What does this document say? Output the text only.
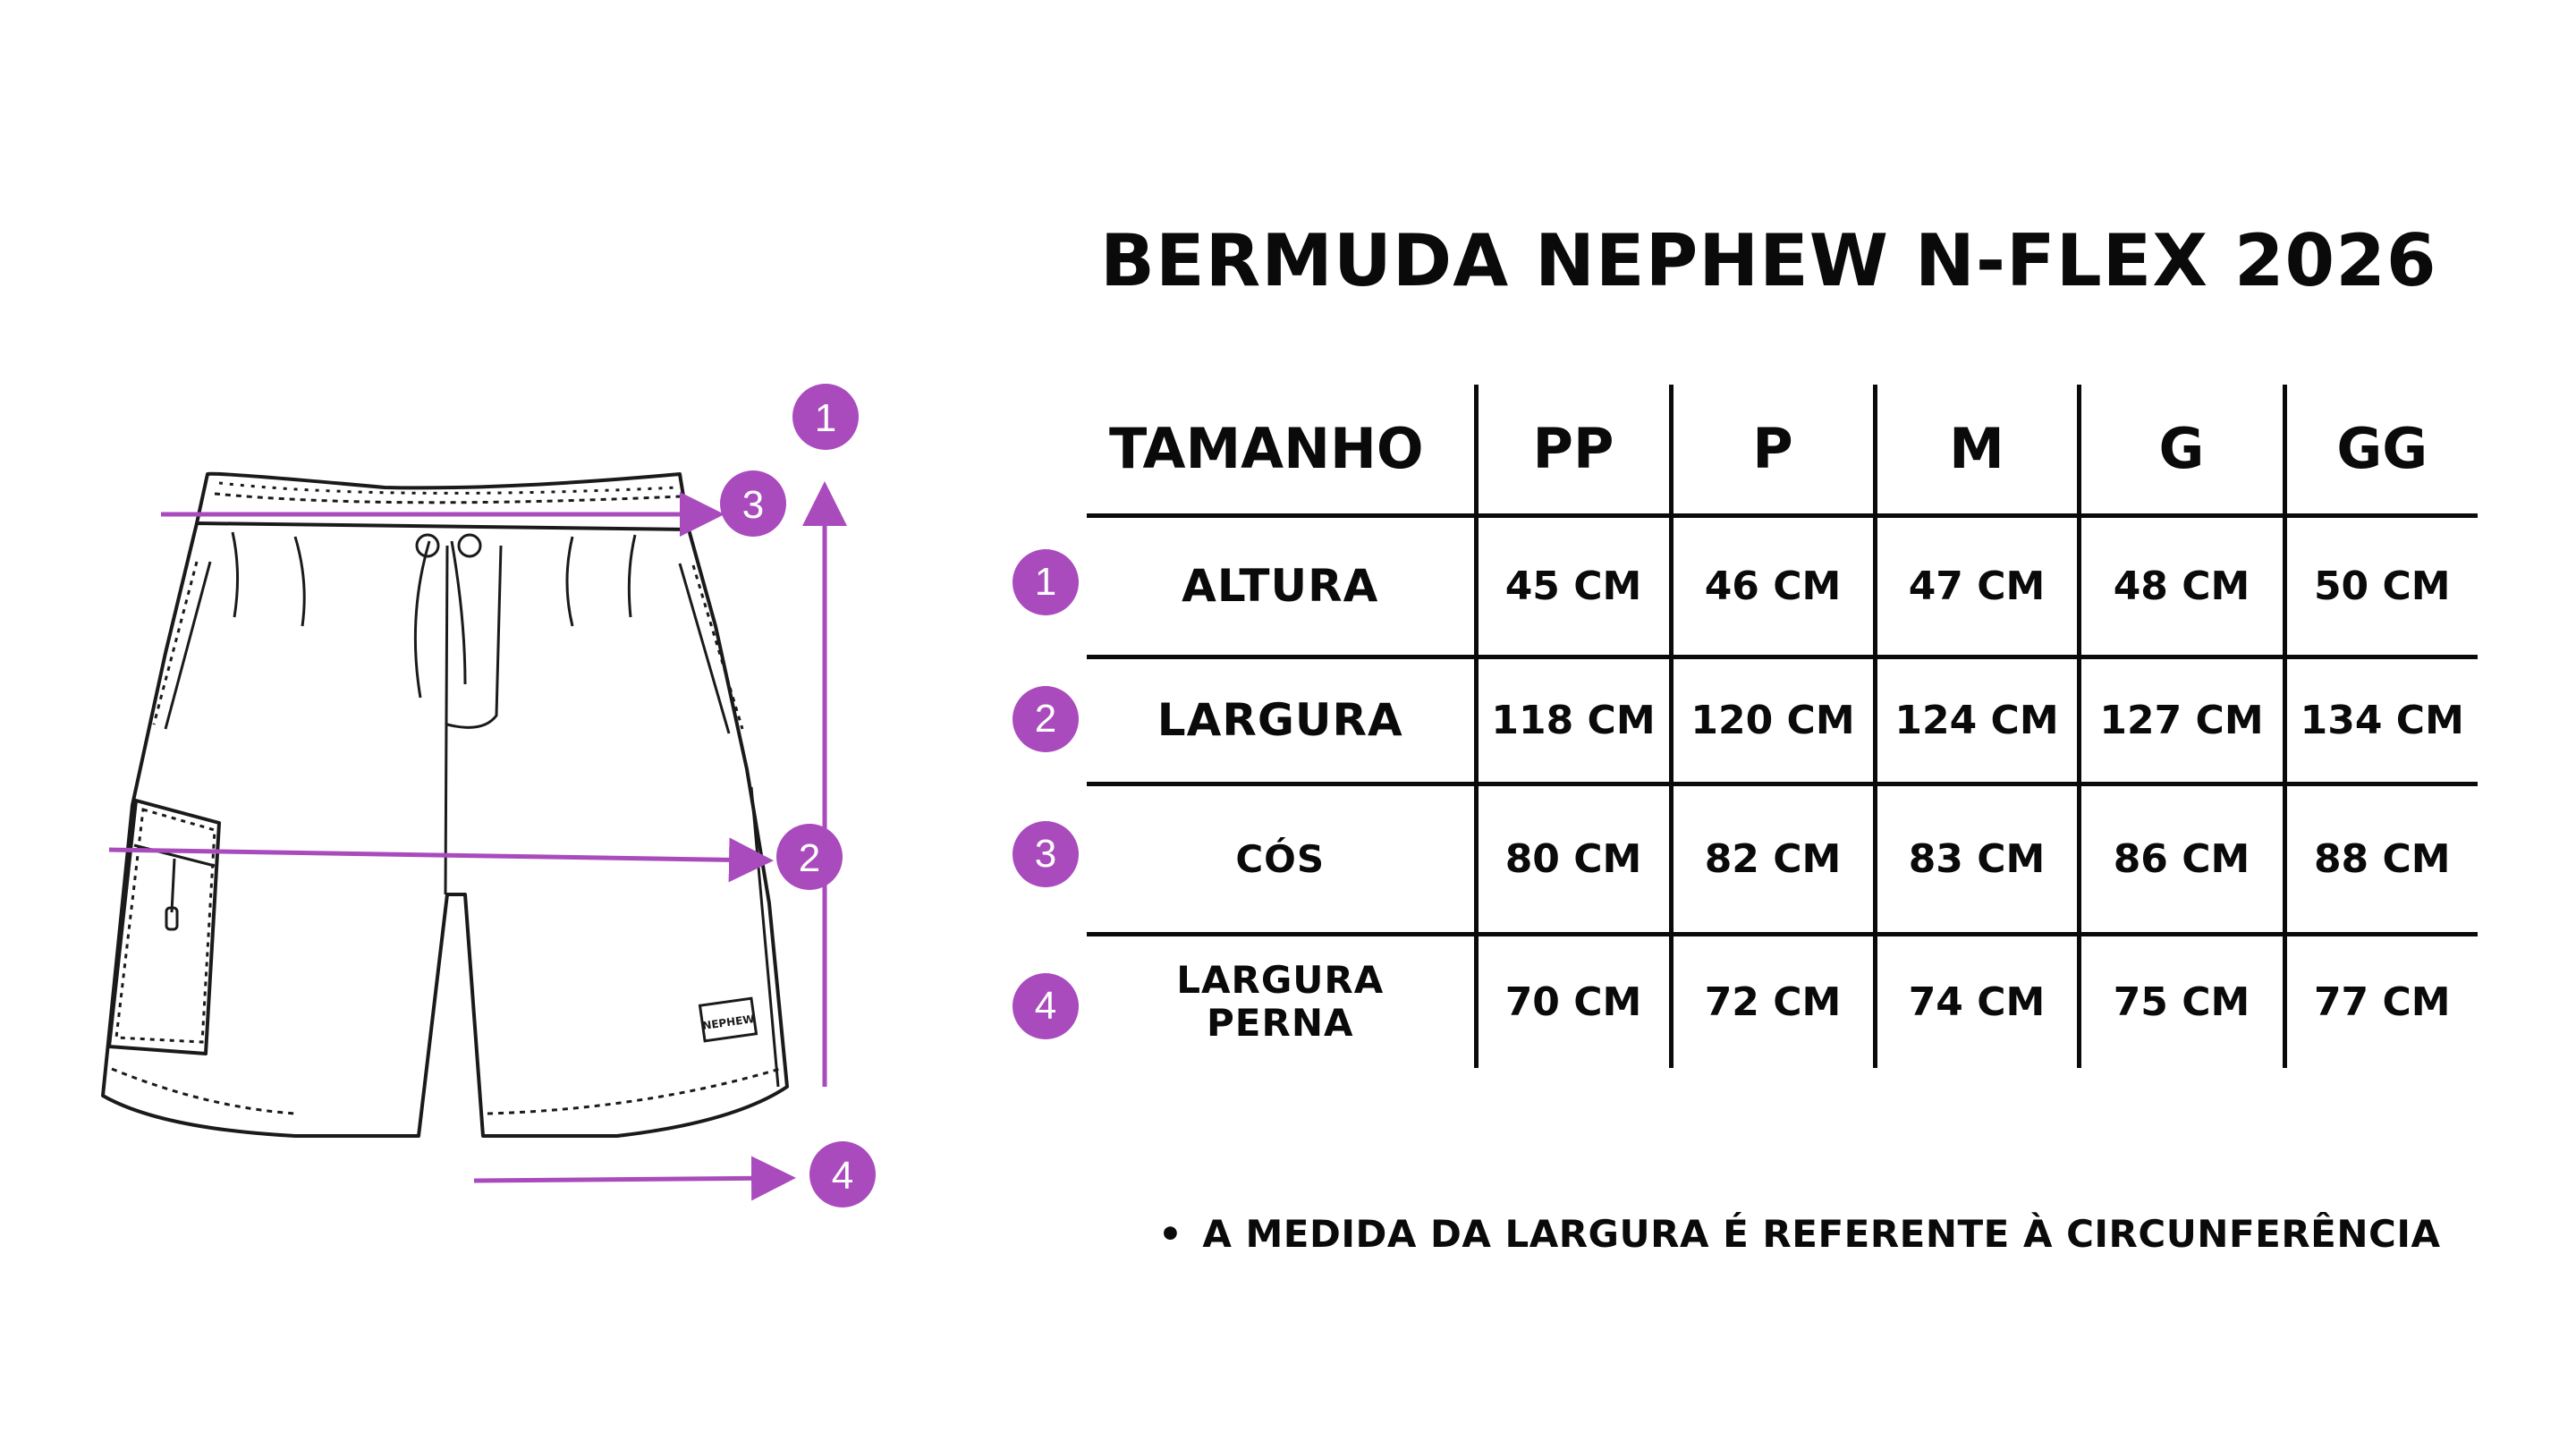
NEPHEW
1
3
2
4
BERMUDA NEPHEW N-FLEX 2026
1
2
3
4
TAMANHO	PP	P	M	G	GG
ALTURA	45 CM	46 CM	47 CM	48 CM	50 CM
LARGURA	118 CM	120 CM	124 CM	127 CM	134 CM
CÓS	80 CM	82 CM	83 CM	86 CM	88 CM

LARGURA
PERNA	70 CM	72 CM	74 CM	75 CM	77 CM
• A MEDIDA DA LARGURA É REFERENTE À CIRCUNFERÊNCIA
